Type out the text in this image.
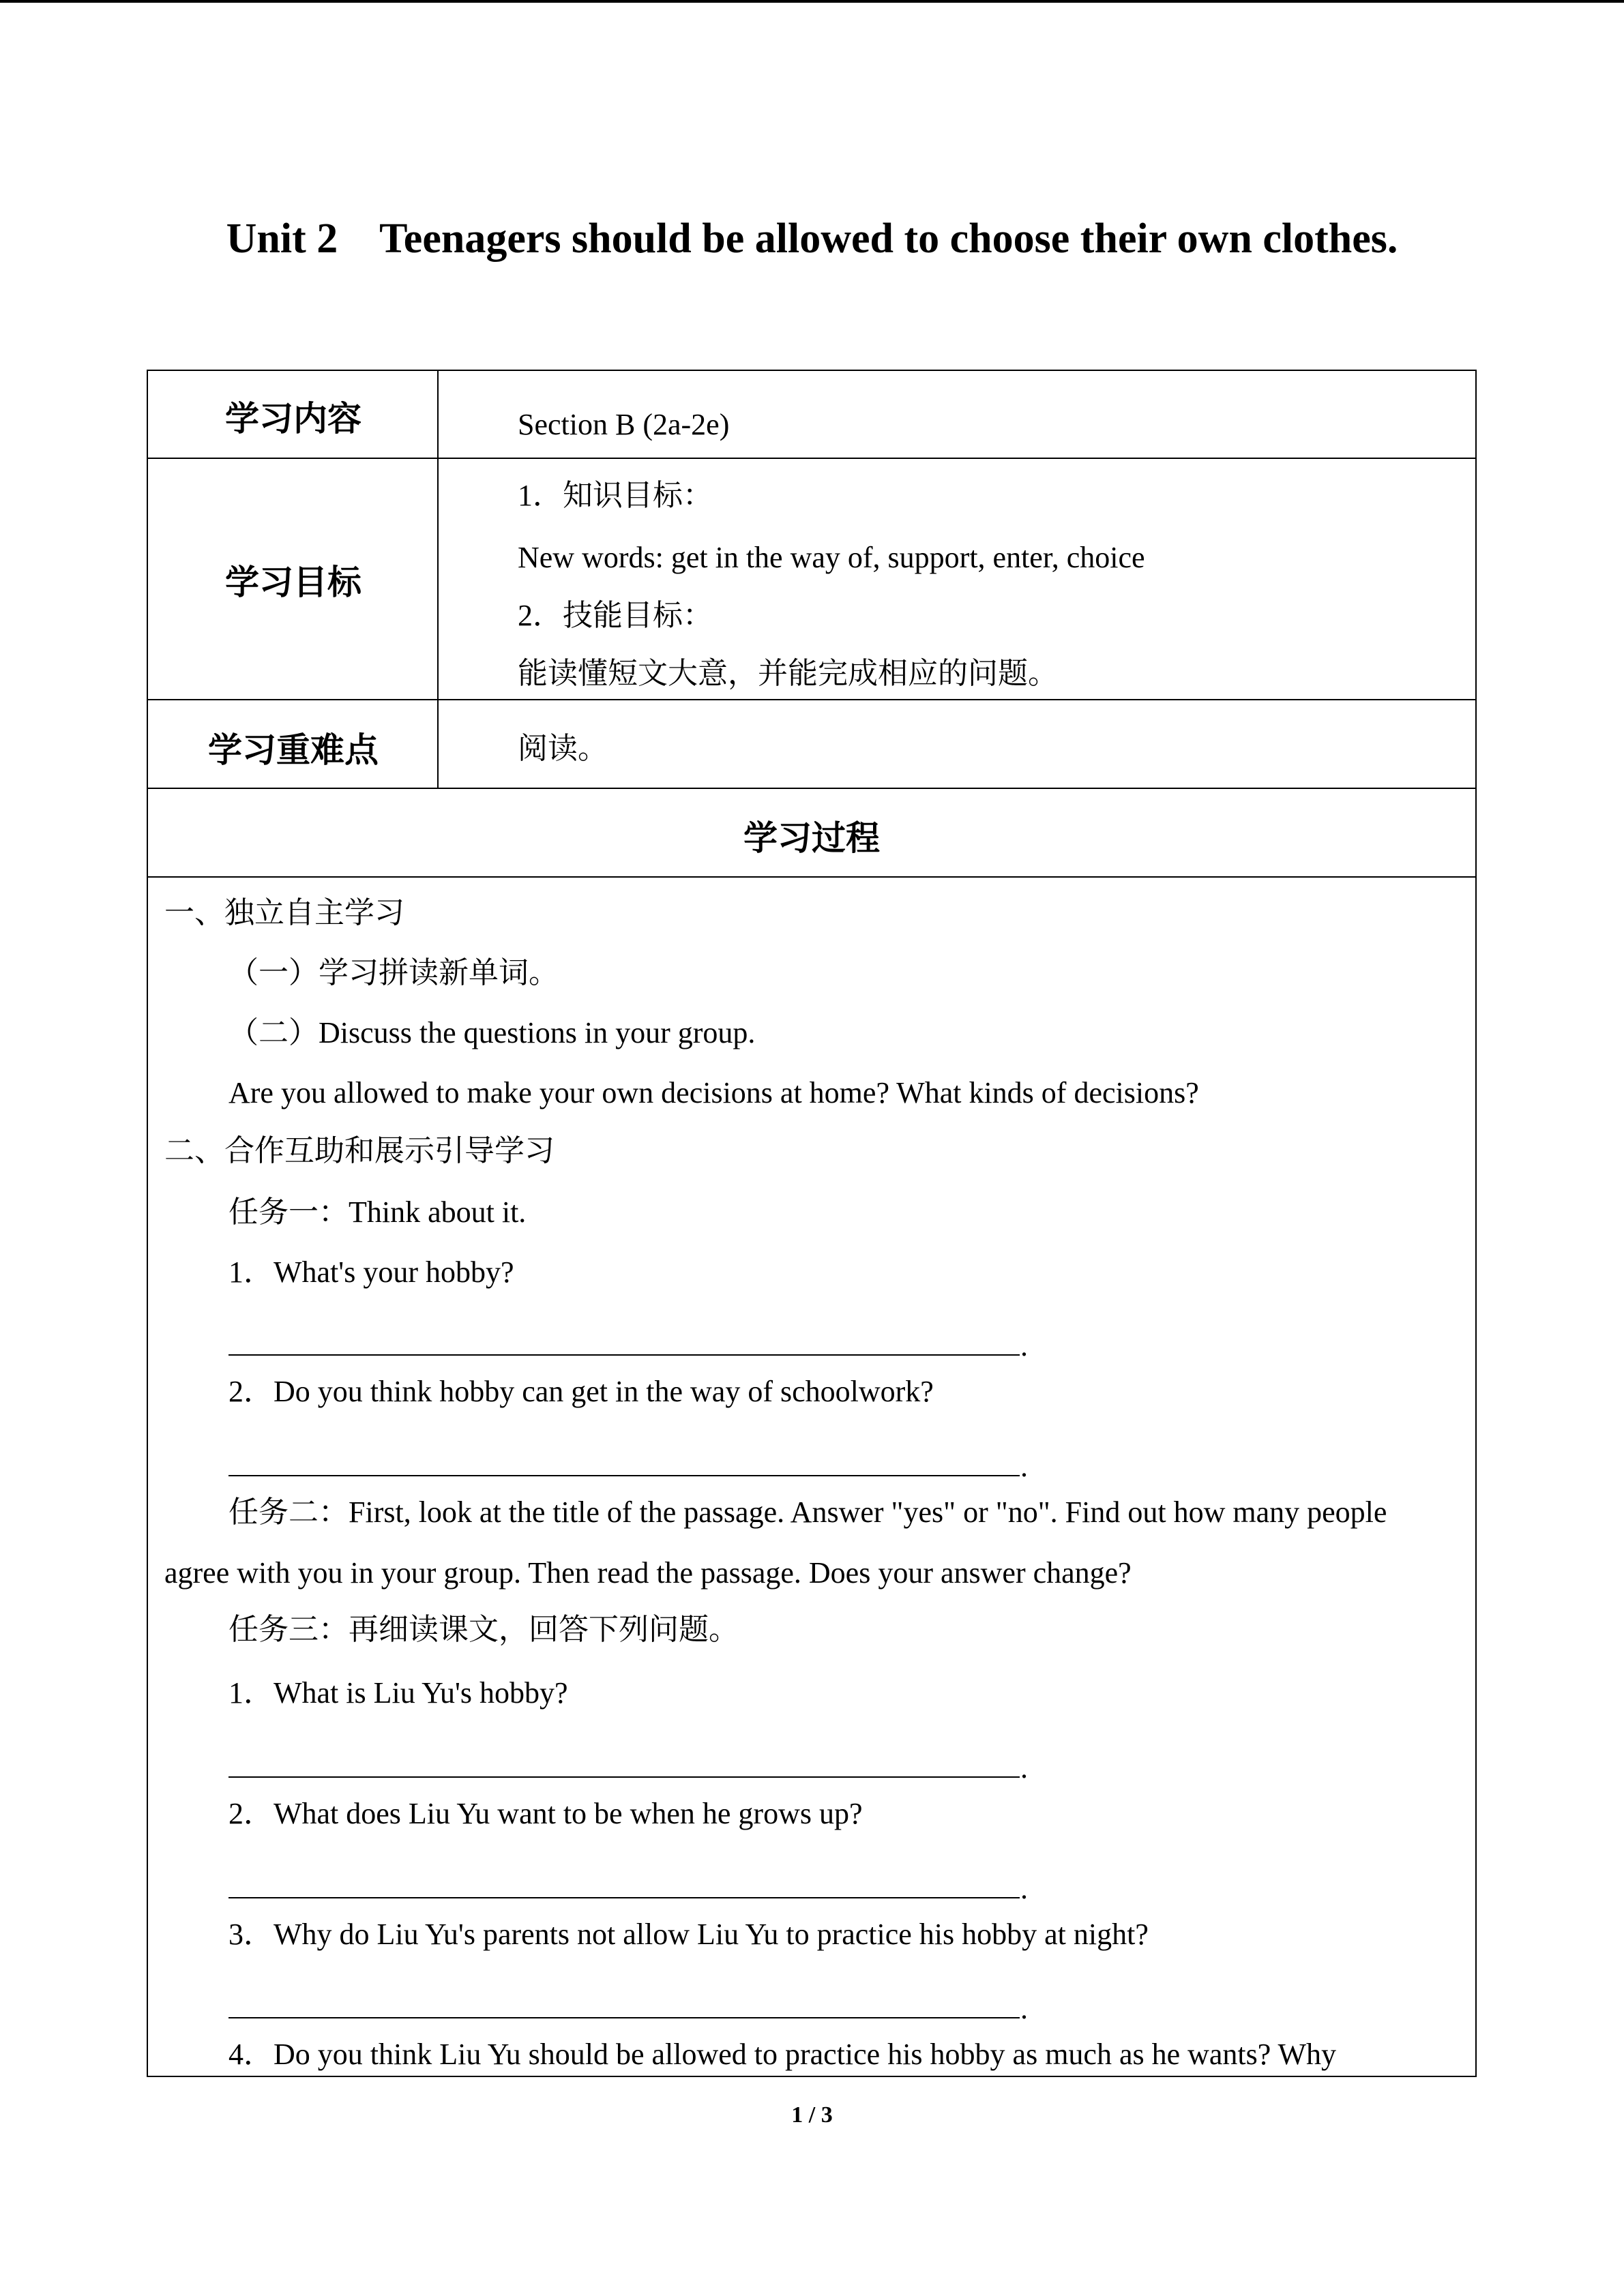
Unit 2    Teenagers should be allowed to choose their own clothes.
学习内容	Section B (2a-2e)
学习目标
1．知识目标：
New words: get in the way of, support, enter, choice
2．技能目标：
能读懂短文大意，并能完成相应的问题。
学习重难点	阅读。
学习过程
一、独立自主学习
（一）学习拼读新单词。
（二）Discuss the questions in your group.
Are you allowed to make your own decisions at home? What kinds of decisions?
二、合作互助和展示引导学习
任务一：Think about it.
1．What's your hobby?
.
2．Do you think hobby can get in the way of schoolwork?
.
任务二：First, look at the title of the passage. Answer "yes" or "no". Find out how many people
agree with you in your group. Then read the passage. Does your answer change?
任务三：再细读课文，回答下列问题。
1．What is Liu Yu's hobby?
.
2．What does Liu Yu want to be when he grows up?
.
3．Why do Liu Yu's parents not allow Liu Yu to practice his hobby at night?
.
4．Do you think Liu Yu should be allowed to practice his hobby as much as he wants? Why
1 / 3
